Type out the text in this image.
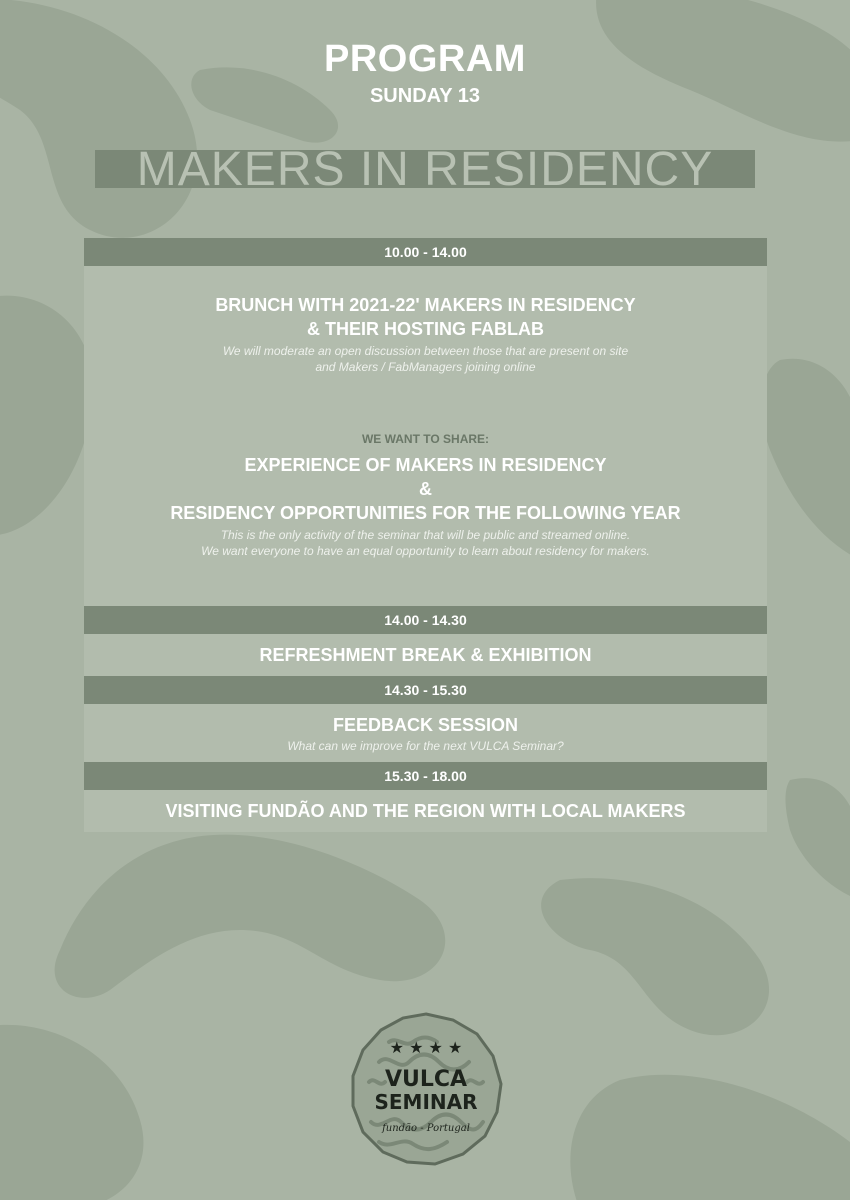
PROGRAM
SUNDAY 13
MAKERS IN RESIDENCY
10.00 - 14.00
BRUNCH WITH 2021-22' MAKERS IN RESIDENCY
& THEIR HOSTING FABLAB
We will moderate an open discussion between those that are present on site
and Makers / FabManagers joining online
WE WANT TO SHARE:
EXPERIENCE OF MAKERS IN RESIDENCY
&
RESIDENCY OPPORTUNITIES FOR THE FOLLOWING YEAR
This is the only activity of the seminar that will be public and streamed online.
We want everyone to have an equal opportunity to learn about residency for makers.
14.00 - 14.30
REFRESHMENT BREAK & EXHIBITION
14.30 - 15.30
FEEDBACK SESSION
What can we improve for the next VULCA Seminar?
15.30 - 18.00
VISITING FUNDÃO AND THE REGION WITH LOCAL MAKERS
★ ★ ★ ★
VULCA
SEMINAR
fundão - Portugal
